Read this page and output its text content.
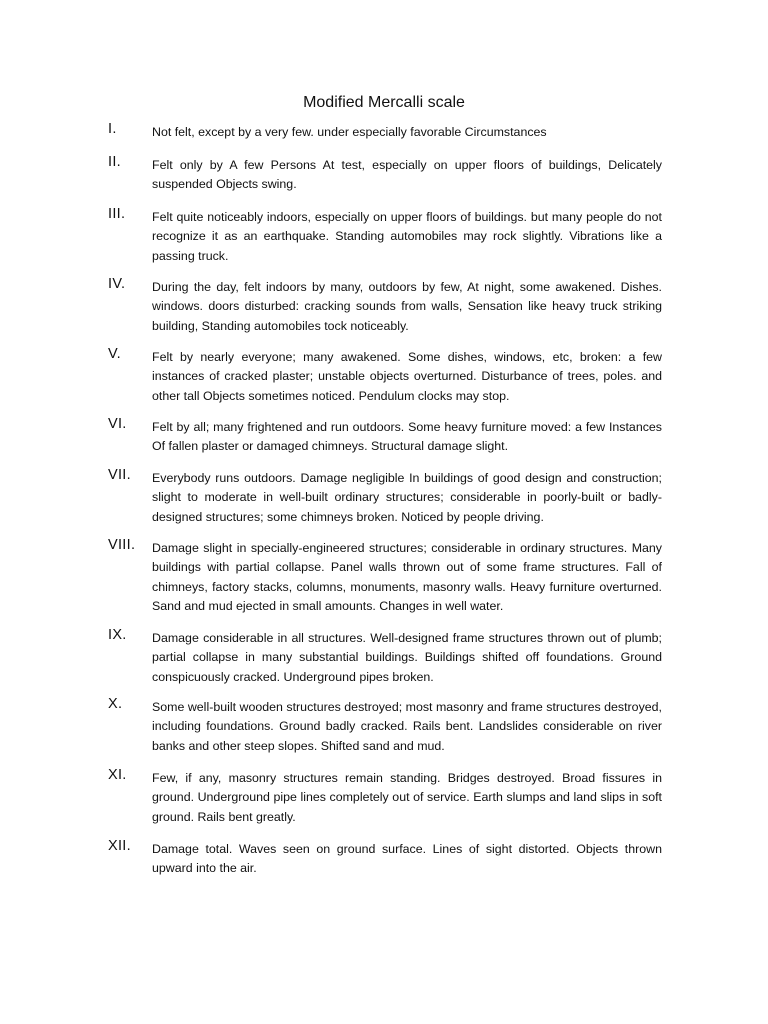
Modified Mercalli scale
I.	Not felt, except by a very few. under especially favorable Circumstances
II.	Felt only by A few Persons At test, especially on upper floors of buildings, Delicately suspended Objects swing.
III.	Felt quite noticeably indoors, especially on upper floors of buildings. but many people do not recognize it as an earthquake. Standing automobiles may rock slightly. Vibrations like a passing truck.
IV.	During the day, felt indoors by many, outdoors by few, At night, some awakened. Dishes. windows. doors disturbed: cracking sounds from walls, Sensation like heavy truck striking building, Standing automobiles tock noticeably.
V.	Felt by nearly everyone; many awakened. Some dishes, windows, etc, broken: a few instances of cracked plaster; unstable objects overturned. Disturbance of trees, poles. and other tall Objects sometimes noticed. Pendulum clocks may stop.
VI.	Felt by all; many frightened and run outdoors. Some heavy furniture moved: a few Instances Of fallen plaster or damaged chimneys. Structural damage slight.
VII.	Everybody runs outdoors. Damage negligible In buildings of good design and construction; slight to moderate in well-built ordinary structures; considerable in poorly-built or badly-designed structures; some chimneys broken. Noticed by people driving.
VIII.	Damage slight in specially-engineered structures; considerable in ordinary structures. Many buildings with partial collapse. Panel walls thrown out of some frame structures. Fall of chimneys, factory stacks, columns, monuments, masonry walls. Heavy furniture overturned. Sand and mud ejected in small amounts. Changes in well water.
IX.	Damage considerable in all structures. Well-designed frame structures thrown out of plumb; partial collapse in many substantial buildings. Buildings shifted off foundations. Ground conspicuously cracked. Underground pipes broken.
X.	Some well-built wooden structures destroyed; most masonry and frame structures destroyed, including foundations. Ground badly cracked. Rails bent. Landslides considerable on river banks and other steep slopes. Shifted sand and mud.
XI.	Few, if any, masonry structures remain standing. Bridges destroyed. Broad fissures in ground. Underground pipe lines completely out of service. Earth slumps and land slips in soft ground. Rails bent greatly.
XII.	Damage total. Waves seen on ground surface. Lines of sight distorted. Objects thrown upward into the air.
